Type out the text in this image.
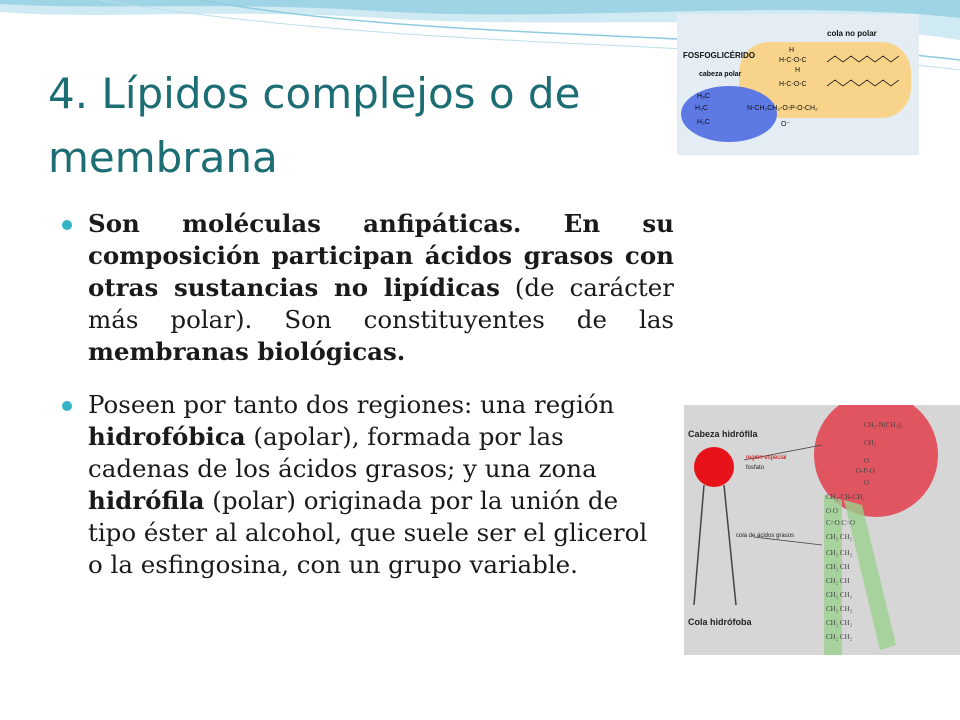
4. Lípidos complejos o de
membrana
FOSFOGLICÉRIDO
cabeza polar
cola no polar
H
H-C-O-C
H
H-C-O-C
N-CH₂CH₂-O-P-O-CH₂
H₃C
H₃C
H₃C	O⁻

Son moléculas anfipáticas. En su composición participan ácidos grasos con otras sustancias no lipídicas (de carácter más polar). Son constituyentes de las membranas biológicas.

Poseen por tanto dos regiones: una región hidrofóbica (apolar), formada por las cadenas de los ácidos grasos; y una zona hidrófila (polar) originada por la unión de tipo éster al alcohol, que suele ser el glicerol o la esfingosina, con un grupo variable.

CH₂-N(CH₃)₃
CH₂
O
O-P-O
O
CH₂-CH-CH₂
O O
C=O C=O
CH₂ CH₂
CH₂ CH₂
CH₂ CH
CH₂ CH
CH₂ CH₂
CH₂ CH₂
CH₂ CH₂
CH₂ CH₂
Cabeza hidrófila
región especial
fosfato
cola de ácidos grasos
Cola hidrófoba
